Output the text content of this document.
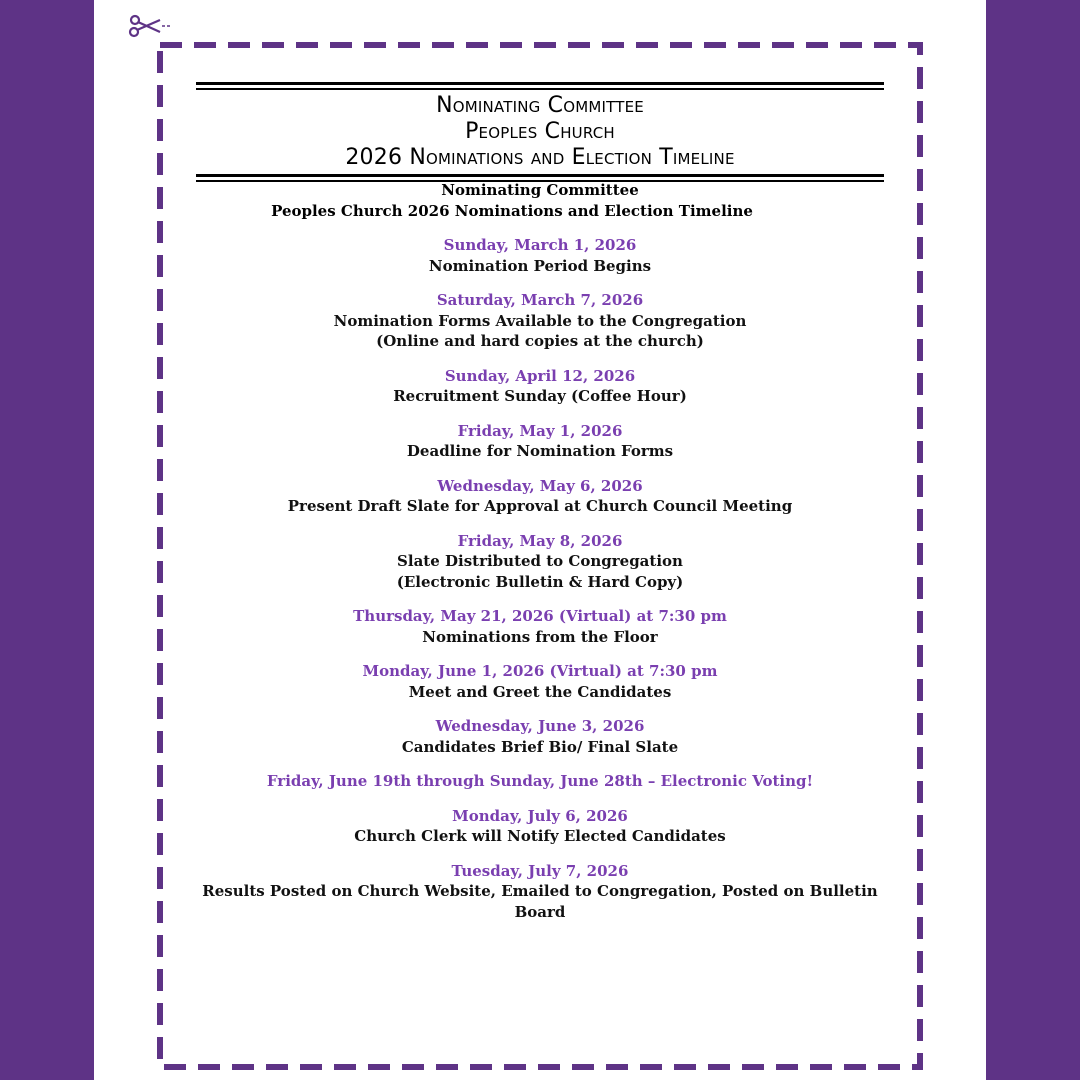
Nominating Committee
Peoples Church
2026 Nominations and Election Timeline
Nominating Committee
Peoples Church 2026 Nominations and Election Timeline
Sunday, March 1, 2026
Nomination Period Begins
Saturday, March 7, 2026
Nomination Forms Available to the Congregation
(Online and hard copies at the church)
Sunday, April 12, 2026
Recruitment Sunday (Coffee Hour)
Friday, May 1, 2026
Deadline for Nomination Forms
Wednesday, May 6, 2026
Present Draft Slate for Approval at Church Council Meeting
Friday, May 8, 2026
Slate Distributed to Congregation
(Electronic Bulletin & Hard Copy)
Thursday, May 21, 2026 (Virtual) at 7:30 pm
Nominations from the Floor
Monday, June 1, 2026 (Virtual) at 7:30 pm
Meet and Greet the Candidates
Wednesday, June 3, 2026
Candidates Brief Bio/ Final Slate
Friday, June 19th through Sunday, June 28th – Electronic Voting!
Monday, July 6, 2026
Church Clerk will Notify Elected Candidates
Tuesday, July 7, 2026
Results Posted on Church Website, Emailed to Congregation, Posted on Bulletin Board
